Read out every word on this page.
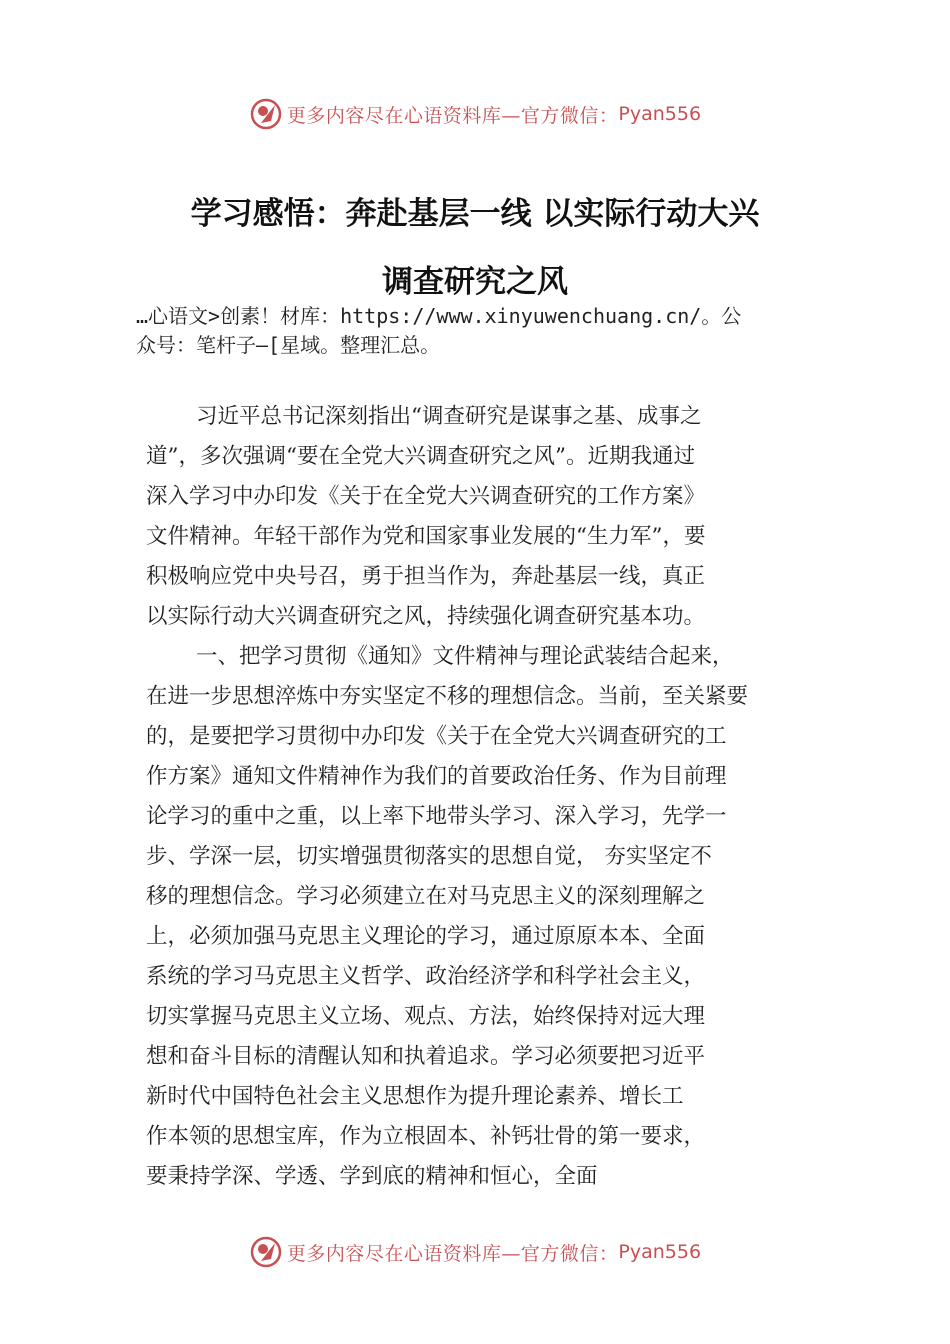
更多内容尽在心语资料库—官方微信： Pyan556
学习感悟：奔赴基层一线 以实际行动大兴
调查研究之风
…心语文>创素！材库：https://www.xinyuwenchuang.cn/。公
众号：笔杆子—[星域。整理汇总。
习近平总书记深刻指出“调查研究是谋事之基、成事之
道”，多次强调“要在全党大兴调查研究之风”。近期我通过
深入学习中办印发《关于在全党大兴调查研究的工作方案》
文件精神。年轻干部作为党和国家事业发展的“生力军”，要
积极响应党中央号召，勇于担当作为，奔赴基层一线，真正
以实际行动大兴调查研究之风，持续强化调查研究基本功。
一、把学习贯彻《通知》文件精神与理论武装结合起来，
在进一步思想淬炼中夯实坚定不移的理想信念。当前，至关紧要
的，是要把学习贯彻中办印发《关于在全党大兴调查研究的工
作方案》通知文件精神作为我们的首要政治任务、作为目前理
论学习的重中之重，以上率下地带头学习、深入学习，先学一
步、学深一层，切实增强贯彻落实的思想自觉， 夯实坚定不
移的理想信念。学习必须建立在对马克思主义的深刻理解之
上，必须加强马克思主义理论的学习，通过原原本本、全面
系统的学习马克思主义哲学、政治经济学和科学社会主义，
切实掌握马克思主义立场、观点、方法，始终保持对远大理
想和奋斗目标的清醒认知和执着追求。学习必须要把习近平
新时代中国特色社会主义思想作为提升理论素养、增长工
作本领的思想宝库，作为立根固本、补钙壮骨的第一要求，
要秉持学深、学透、学到底的精神和恒心，全面
更多内容尽在心语资料库—官方微信： Pyan556
